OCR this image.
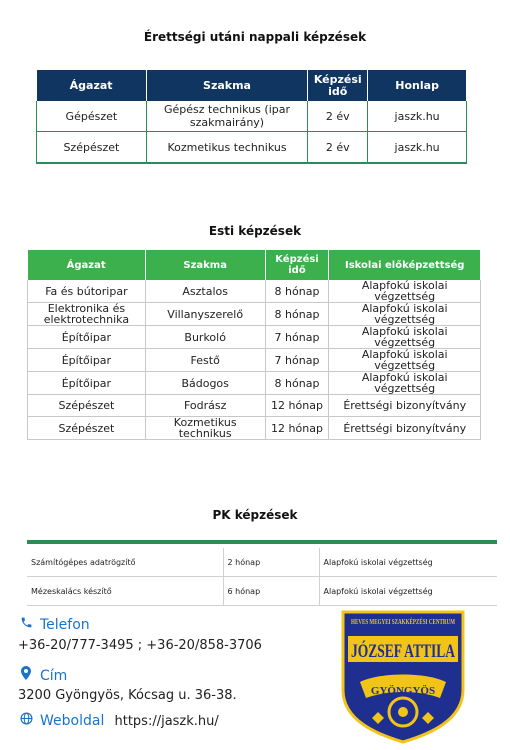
Érettségi utáni nappali képzések
Ágazat	Szakma	Képzési idő	Honlap
Gépészet	Gépész technikus (ipar szakmairány)	2 év	jaszk.hu
Szépészet	Kozmetikus technikus	2 év	jaszk.hu
Esti képzések
Ágazat	Szakma	Képzési idő	Iskolai előképzettség
Fa és bútoripar	Asztalos	8 hónap	Alapfokú iskolai végzettség
Elektronika és elektrotechnika	Villanyszerelő	8 hónap	Alapfokú iskolai végzettség
Építőipar	Burkoló	7 hónap	Alapfokú iskolai végzettség
Építőipar	Festő	7 hónap	Alapfokú iskolai végzettség
Építőipar	Bádogos	8 hónap	Alapfokú iskolai végzettség
Szépészet	Fodrász	12 hónap	Érettségi bizonyítvány
Szépészet	Kozmetikus technikus	12 hónap	Érettségi bizonyítvány
PK képzések
Számítógépes adatrögzítő	2 hónap	Alapfokú iskolai végzettség
Mézeskalács készítő	6 hónap	Alapfokú iskolai végzettség
Telefon
+36-20/777-3495 ; +36-20/858-3706
Cím
3200 Gyöngyös, Kócsag u. 36-38.
Weboldal https://jaszk.hu/
HEVES MEGYEI SZAKKÉPZÉSI CENTRUM
JÓZSEF ATTILA
GYÖNGYÖS
